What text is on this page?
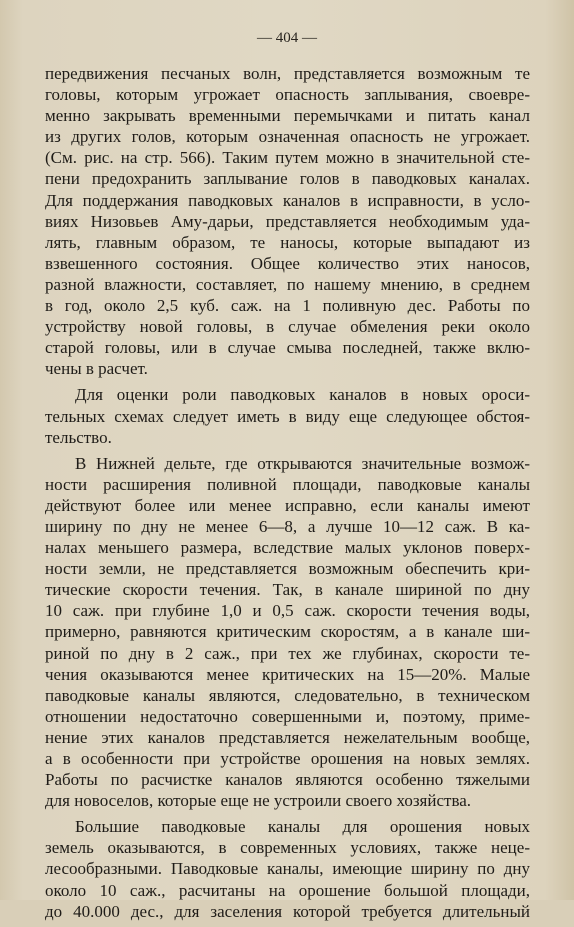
— 404 —
передвижения песчаных волн, представляется возможным те
головы, которым угрожает опасность заплывания, своевре-
менно закрывать временными перемычками и питать канал
из других голов, которым означенная опасность не угрожает.
(См. рис. на стр. 566). Таким путем можно в значительной сте-
пени предохранить заплывание голов в паводковых каналах.
Для поддержания паводковых каналов в исправности, в усло-
виях Низовьев Аму-дарьи, представляется необходимым уда-
лять, главным образом, те наносы, которые выпадают из
взвешенного состояния. Общее количество этих наносов,
разной влажности, составляет, по нашему мнению, в среднем
в год, около 2,5 куб. саж. на 1 поливную дес. Работы по
устройству новой головы, в случае обмеления реки около
старой головы, или в случае смыва последней, также вклю-
чены в расчет.
Для оценки роли паводковых каналов в новых ороси-
тельных схемах следует иметь в виду еще следующее обстоя-
тельство.
В Нижней дельте, где открываются значительные возмож-
ности расширения поливной площади, паводковые каналы
действуют более или менее исправно, если каналы имеют
ширину по дну не менее 6—8, а лучше 10—12 саж. В ка-
налах меньшего размера, вследствие малых уклонов поверх-
ности земли, не представляется возможным обеспечить кри-
тические скорости течения. Так, в канале шириной по дну
10 саж. при глубине 1,0 и 0,5 саж. скорости течения воды,
примерно, равняются критическим скоростям, а в канале ши-
риной по дну в 2 саж., при тех же глубинах, скорости те-
чения оказываются менее критических на 15—20%. Малые
паводковые каналы являются, следовательно, в техническом
отношении недостаточно совершенными и, поэтому, приме-
нение этих каналов представляется нежелательным вообще,
а в особенности при устройстве орошения на новых землях.
Работы по расчистке каналов являются особенно тяжелыми
для новоселов, которые еще не устроили своего хозяйства.
Большие паводковые каналы для орошения новых
земель оказываются, в современных условиях, также неце-
лесообразными. Паводковые каналы, имеющие ширину по дну
около 10 саж., расчитаны на орошение большой площади,
до 40.000 дес., для заселения которой требуется длительный
